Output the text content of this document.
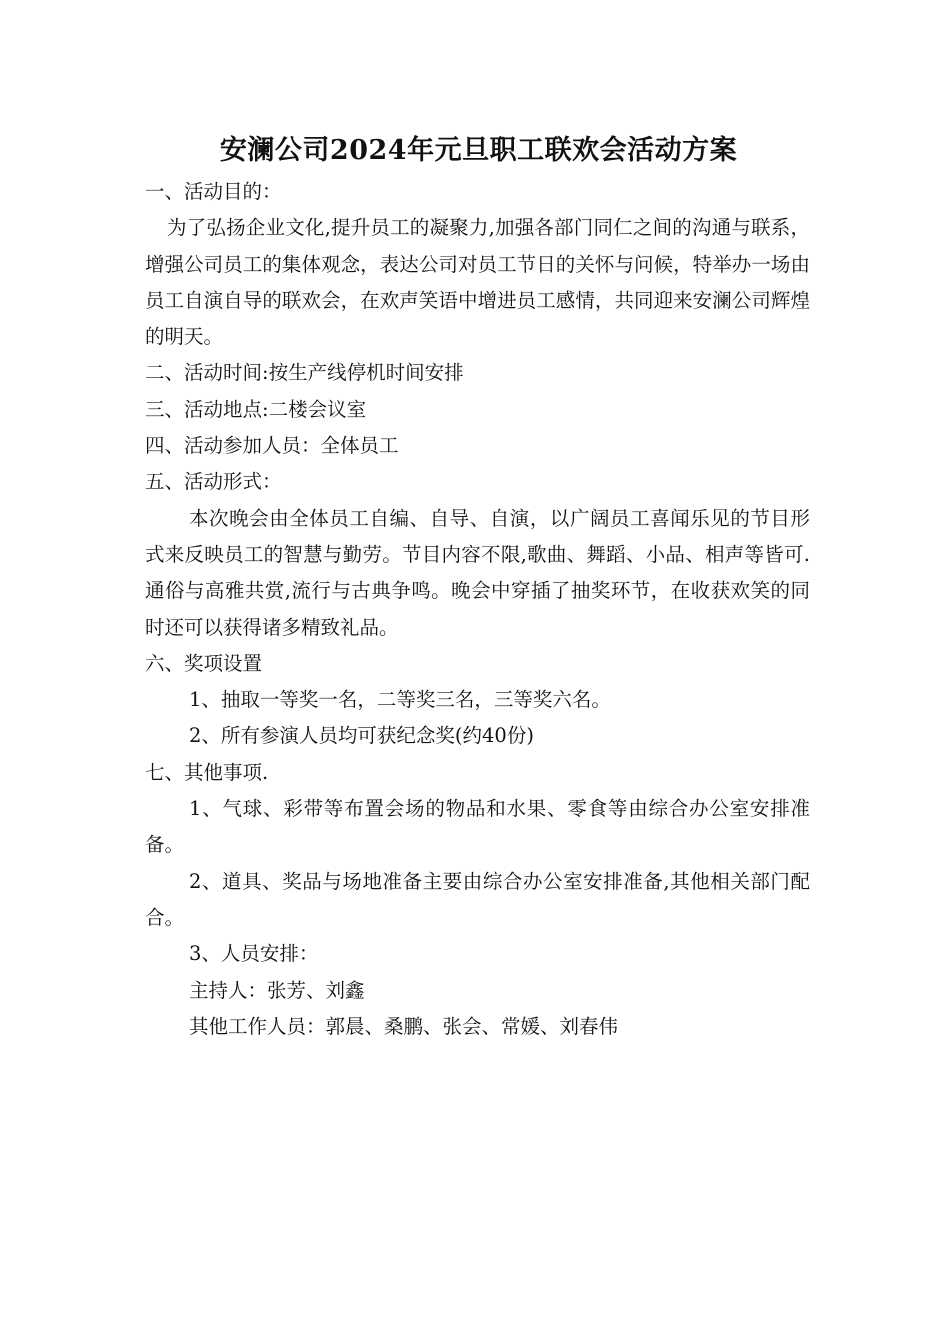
安澜公司2024年元旦职工联欢会活动方案

一、活动目的：

为了弘扬企业文化,提升员工的凝聚力,加强各部门同仁之间的沟通与联系，增强公司员工的集体观念，表达公司对员工节日的关怀与问候，特举办一场由员工自演自导的联欢会，在欢声笑语中增进员工感情，共同迎来安澜公司辉煌的明天。

二、活动时间:按生产线停机时间安排

三、活动地点:二楼会议室

四、活动参加人员：全体员工

五、活动形式：

本次晚会由全体员工自编、自导、自演，以广阔员工喜闻乐见的节目形式来反映员工的智慧与勤劳。节目内容不限,歌曲、舞蹈、小品、相声等皆可.通俗与高雅共赏,流行与古典争鸣。晚会中穿插了抽奖环节，在收获欢笑的同时还可以获得诸多精致礼品。

六、奖项设置

1、抽取一等奖一名，二等奖三名，三等奖六名。

2、所有参演人员均可获纪念奖(约40份)

七、其他事项.

1、气球、彩带等布置会场的物品和水果、零食等由综合办公室安排准备。

2、道具、奖品与场地准备主要由综合办公室安排准备,其他相关部门配合。

3、人员安排：

主持人：张芳、刘鑫

其他工作人员：郭晨、桑鹏、张会、常媛、刘春伟
